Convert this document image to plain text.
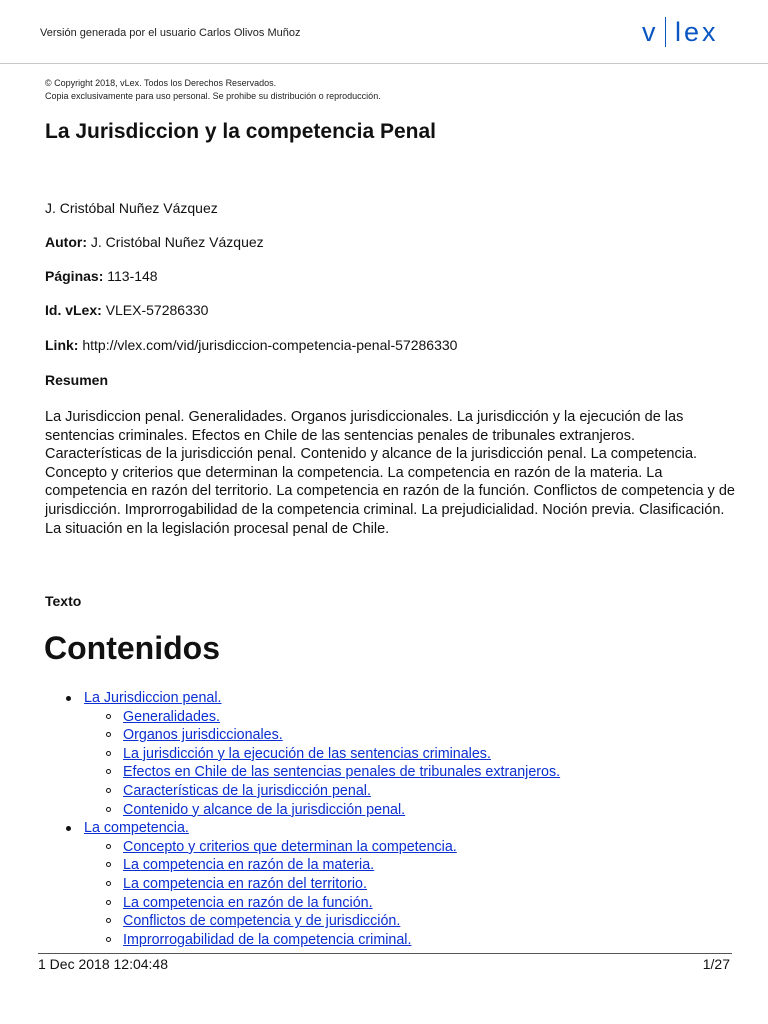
Versión generada por el usuario Carlos Olivos Muñoz	v lex
© Copyright 2018, vLex. Todos los Derechos Reservados.
Copia exclusivamente para uso personal. Se prohibe su distribución o reproducción.
La Jurisdiccion y la competencia Penal
J. Cristóbal Nuñez Vázquez
Autor: J. Cristóbal Nuñez Vázquez
Páginas: 113-148
Id. vLex: VLEX-57286330
Link: http://vlex.com/vid/jurisdiccion-competencia-penal-57286330
Resumen

La Jurisdiccion penal. Generalidades. Organos jurisdiccionales. La jurisdicción y la ejecución de las sentencias criminales. Efectos en Chile de las sentencias penales de tribunales extranjeros. Características de la jurisdicción penal. Contenido y alcance de la jurisdicción penal. La competencia. Concepto y criterios que determinan la competencia. La competencia en razón de la materia. La competencia en razón del territorio. La competencia en razón de la función. Conflictos de competencia y de jurisdicción. Improrrogabilidad de la competencia criminal. La prejudicialidad. Noción previa. Clasificación. La situación en la legislación procesal penal de Chile.

Texto
Contenidos
La Jurisdiccion penal.
Generalidades.
Organos jurisdiccionales.
La jurisdicción y la ejecución de las sentencias criminales.
Efectos en Chile de las sentencias penales de tribunales extranjeros.
Características de la jurisdicción penal.
Contenido y alcance de la jurisdicción penal.
La competencia.
Concepto y criterios que determinan la competencia.
La competencia en razón de la materia.
La competencia en razón del territorio.
La competencia en razón de la función.
Conflictos de competencia y de jurisdicción.
Improrrogabilidad de la competencia criminal.
1 Dec 2018 12:04:48	1/27
